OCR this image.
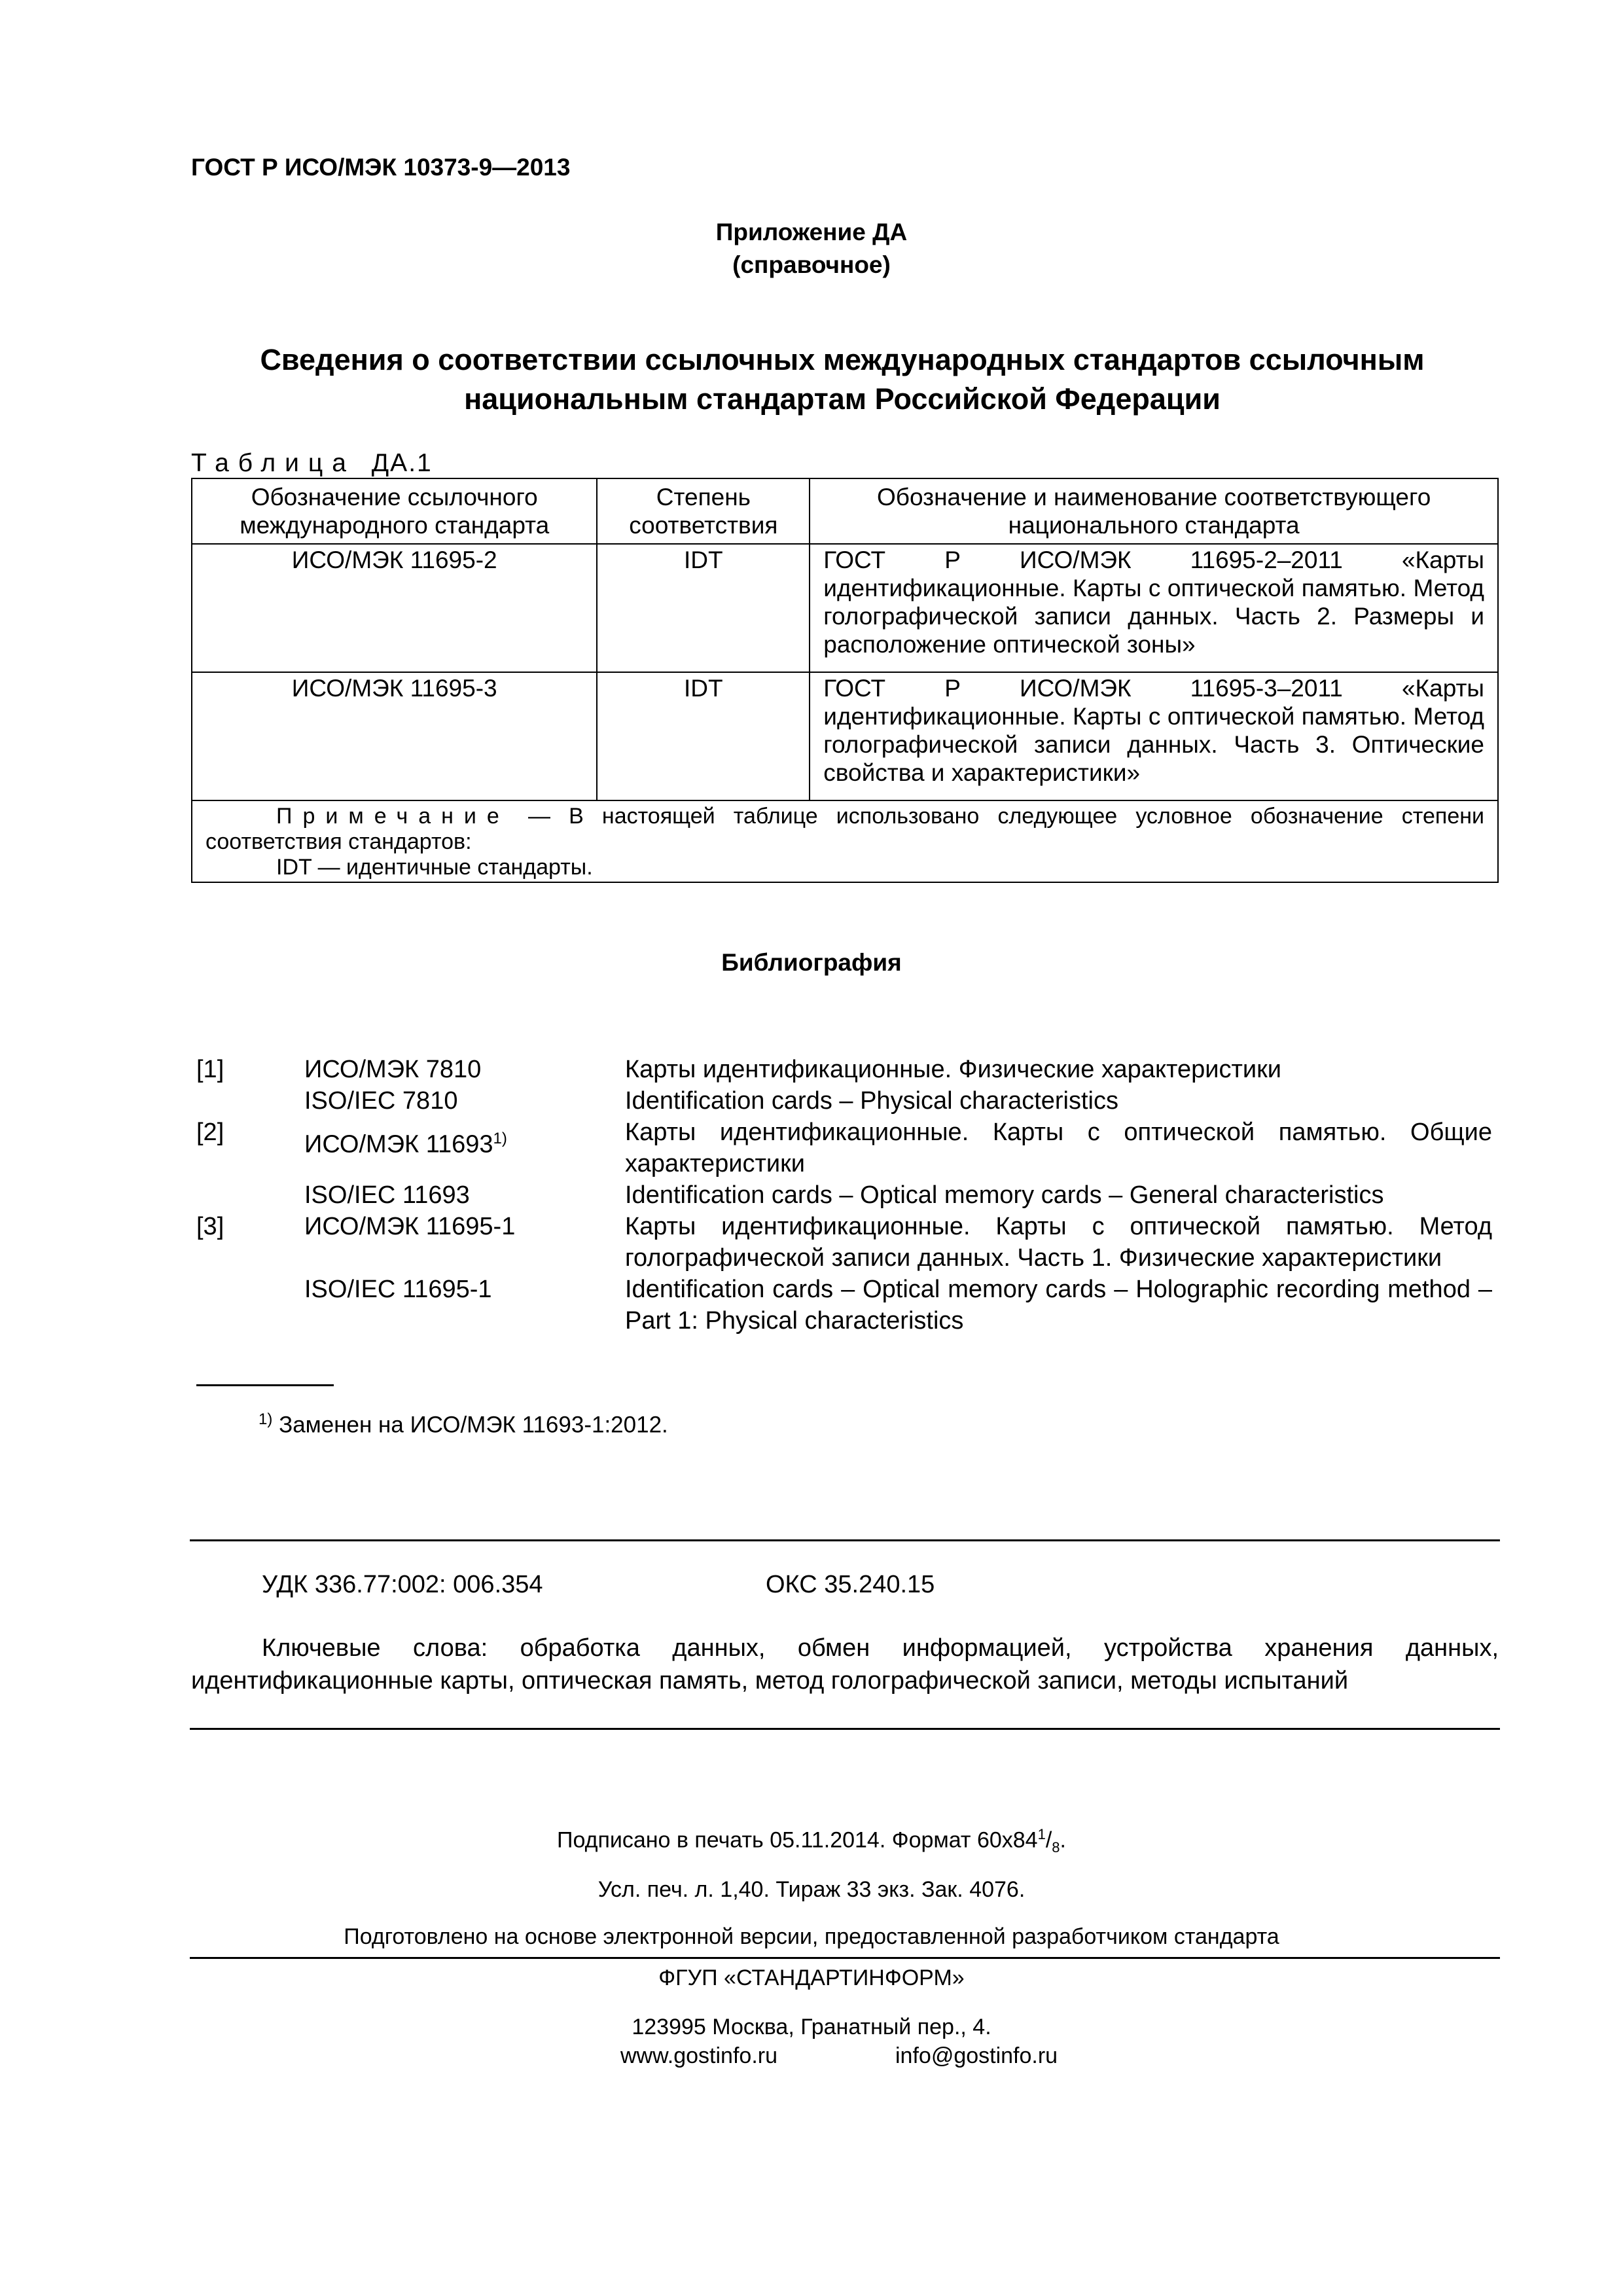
ГОСТ Р ИСО/МЭК 10373-9—2013
Приложение ДА
(справочное)
Сведения о соответствии ссылочных международных стандартов ссылочным национальным стандартам Российской Федерации
Таблица ДА.1
Обозначение ссылочного международного стандарта	Степень соответствия	Обозначение и наименование соответствующего национального стандарта
ИСО/МЭК 11695-2	IDT	ГОСТ Р ИСО/МЭК 11695-2–2011 «Карты идентификационные. Карты с оптической памятью. Метод голографической записи данных. Часть 2. Размеры и расположение оптической зоны»
ИСО/МЭК 11695-3	IDT	ГОСТ Р ИСО/МЭК 11695-3–2011 «Карты идентификационные. Карты с оптической памятью. Метод голографической записи данных. Часть 3. Оптические свойства и характеристики»

Примечание — В настоящей таблице использовано следующее условное обозначение степени соответствия стандартов:
IDT — идентичные стандарты.		
Библиография
[1]	ИСО/МЭК 7810	Карты идентификационные. Физические характеристики
ISO/IEC 7810	Identification cards – Physical characteristics
[2]	ИСО/МЭК 11693$^{1)}$	Карты идентификационные. Карты с оптической памятью. Общие характеристики
ISO/IEC 11693	Identification cards – Optical memory cards – General characteristics
[3]	ИСО/МЭК 11695-1	Карты идентификационные. Карты с оптической памятью. Метод голографической записи данных. Часть 1. Физические характеристики
ISO/IEC 11695-1	Identification cards – Optical memory cards – Holographic recording method – Part 1: Physical characteristics
$^{1)}$ Заменен на ИСО/МЭК 11693-1:2012.
УДК 336.77:002: 006.354	ОКС 35.240.15
Ключевые слова: обработка данных, обмен информацией, устройства хранения данных, идентификационные карты, оптическая память, метод голографической записи, методы испытаний
Подписано в печать 05.11.2014. Формат $60x84^1/_8$.
Усл. печ. л. 1,40. Тираж 33 экз. Зак. 4076.
Подготовлено на основе электронной версии, предоставленной разработчиком стандарта
ФГУП «СТАНДАРТИНФОРМ»
123995 Москва, Гранатный пер., 4.
www.gostinfo.ru	info@gostinfo.ru
